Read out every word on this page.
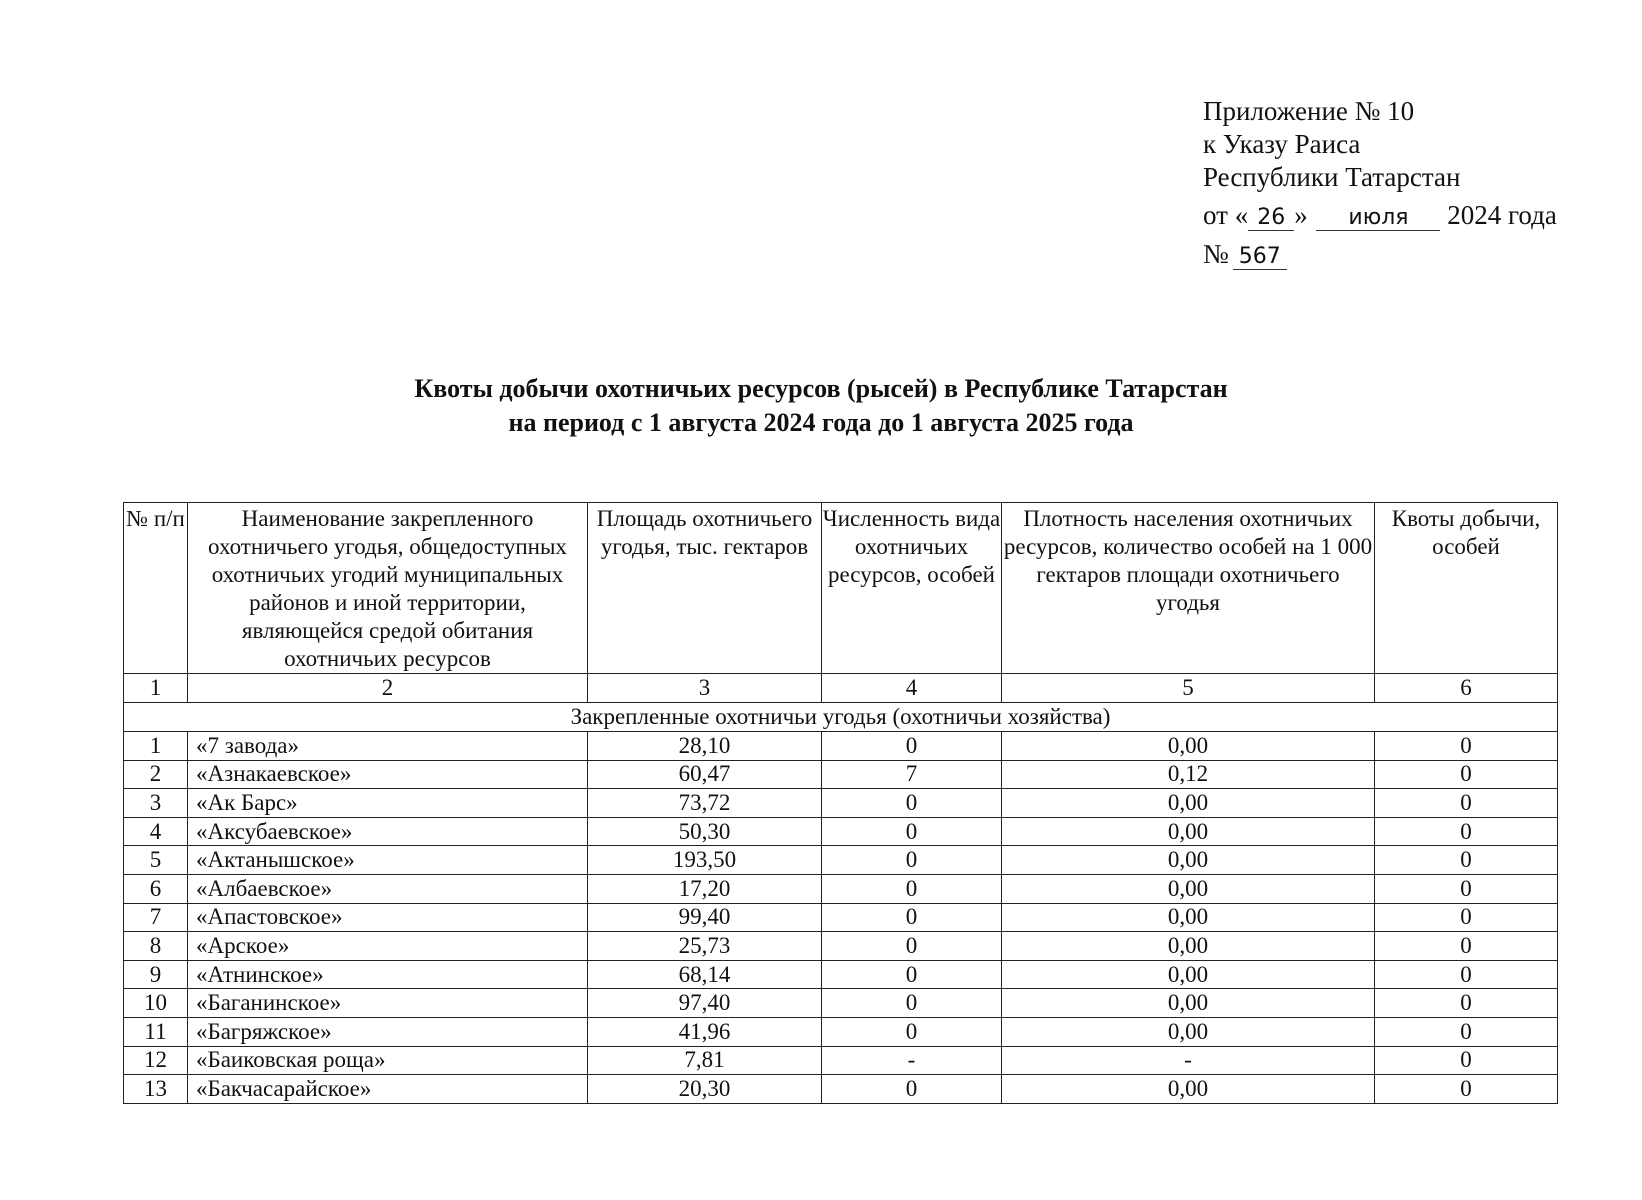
Приложение № 10
к Указу Раиса
Республики Татарстан
от « 26 » июля 2024 года
№ 567
Квоты добычи охотничьих ресурсов (рысей) в Республике Татарстан
на период с 1 августа 2024 года до 1 августа 2025 года
№ п/п	Наименование закрепленного охотничьего угодья, общедоступных охотничьих угодий муниципальных районов и иной территории, являющейся средой обитания охотничьих ресурсов	Площадь охотничьего угодья, тыс. гектаров	Численность вида охотничьих ресурсов, особей	Плотность населения охотничьих ресурсов, количество особей на 1 000 гектаров площади охотничьего угодья	Квоты добычи, особей
1	2	3	4	5	6
Закрепленные охотничьи угодья (охотничьи хозяйства)					
1	«7 завода»	28,10	0	0,00	0
2	«Азнакаевское»	60,47	7	0,12	0
3	«Ак Барс»	73,72	0	0,00	0
4	«Аксубаевское»	50,30	0	0,00	0
5	«Актанышское»	193,50	0	0,00	0
6	«Албаевское»	17,20	0	0,00	0
7	«Апастовское»	99,40	0	0,00	0
8	«Арское»	25,73	0	0,00	0
9	«Атнинское»	68,14	0	0,00	0
10	«Баганинское»	97,40	0	0,00	0
11	«Багряжское»	41,96	0	0,00	0
12	«Баиковская роща»	7,81	-	-	0
13	«Бакчасарайское»	20,30	0	0,00	0
